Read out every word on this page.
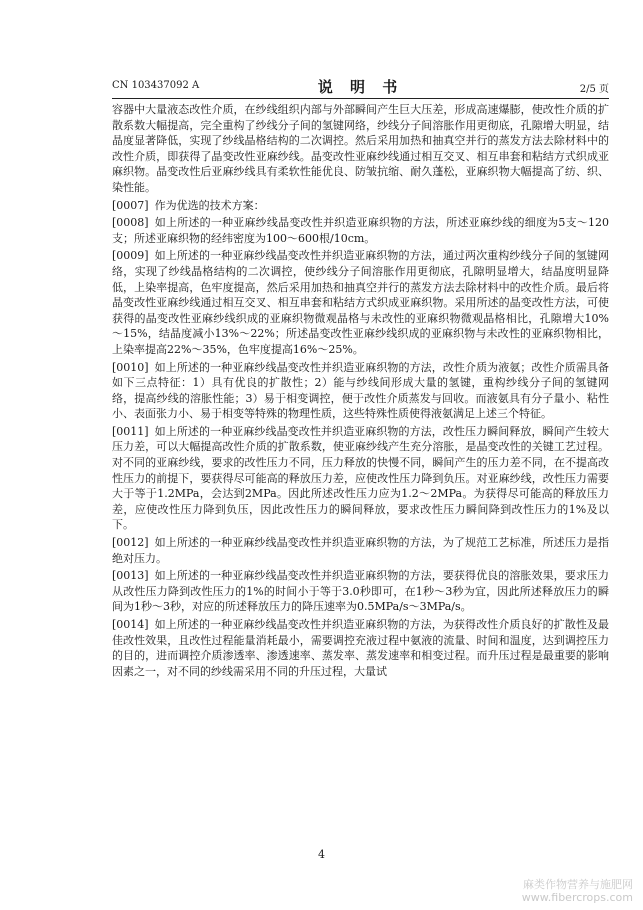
CN 103437092 A	说 明 书	2/5 页

容器中大量液态改性介质，在纱线组织内部与外部瞬间产生巨大压差，形成高速爆膨，使改性介质的扩散系数大幅提高，完全重构了纱线分子间的氢键网络，纱线分子间溶胀作用更彻底，孔隙增大明显，结晶度显著降低，实现了纱线晶格结构的二次调控。然后采用加热和抽真空并行的蒸发方法去除材料中的改性介质，即获得了晶变改性亚麻纱线。晶变改性亚麻纱线通过相互交叉、相互串套和粘结方式织成亚麻织物。晶变改性后亚麻纱线具有柔软性能优良、防皱抗缩、耐久蓬松，亚麻织物大幅提高了纺、织、染性能。

[0007] 作为优选的技术方案：

[0008] 如上所述的一种亚麻纱线晶变改性并织造亚麻织物的方法，所述亚麻纱线的细度为5支～120支；所述亚麻织物的经纬密度为100～600根/10cm。

[0009] 如上所述的一种亚麻纱线晶变改性并织造亚麻织物的方法，通过两次重构纱线分子间的氢键网络，实现了纱线晶格结构的二次调控，使纱线分子间溶胀作用更彻底，孔隙明显增大，结晶度明显降低，上染率提高，色牢度提高，然后采用加热和抽真空并行的蒸发方法去除材料中的改性介质。最后将晶变改性亚麻纱线通过相互交叉、相互串套和粘结方式织成亚麻织物。采用所述的晶变改性方法，可使获得的晶变改性亚麻纱线织成的亚麻织物微观晶格与未改性的亚麻织物微观晶格相比，孔隙增大10%～15%，结晶度减小13%～22%；所述晶变改性亚麻纱线织成的亚麻织物与未改性的亚麻织物相比，上染率提高22%～35%，色牢度提高16%～25%。

[0010] 如上所述的一种亚麻纱线晶变改性并织造亚麻织物的方法，改性介质为液氨；改性介质需具备如下三点特征：1）具有优良的扩散性；2）能与纱线间形成大量的氢键，重构纱线分子间的氢键网络，提高纱线的溶胀性能；3）易于相变调控，便于改性介质蒸发与回收。而液氨具有分子量小、粘性小、表面张力小、易于相变等特殊的物理性质，这些特殊性质使得液氨满足上述三个特征。

[0011] 如上所述的一种亚麻纱线晶变改性并织造亚麻织物的方法，改性压力瞬间释放，瞬间产生较大压力差，可以大幅提高改性介质的扩散系数，使亚麻纱线产生充分溶胀，是晶变改性的关键工艺过程。对不同的亚麻纱线，要求的改性压力不同，压力释放的快慢不同，瞬间产生的压力差不同，在不提高改性压力的前提下，要获得尽可能高的释放压力差，应使改性压力降到负压。对亚麻纱线，改性压力需要大于等于1.2MPa，会达到2MPa。因此所述改性压力应为1.2～2MPa。为获得尽可能高的释放压力差，应使改性压力降到负压，因此改性压力的瞬间释放，要求改性压力瞬间降到改性压力的1%及以下。

[0012] 如上所述的一种亚麻纱线晶变改性并织造亚麻织物的方法，为了规范工艺标准，所述压力是指绝对压力。

[0013] 如上所述的一种亚麻纱线晶变改性并织造亚麻织物的方法，要获得优良的溶胀效果，要求压力从改性压力降到改性压力的1%的时间小于等于3.0秒即可，在1秒～3秒为宜，因此所述释放压力的瞬间为1秒～3秒，对应的所述释放压力的降压速率为0.5MPa/s～3MPa/s。

[0014] 如上所述的一种亚麻纱线晶变改性并织造亚麻织物的方法，为获得改性介质良好的扩散性及最佳改性效果，且改性过程能量消耗最小，需要调控充液过程中氨液的流量、时间和温度，达到调控压力的目的，进而调控介质渗透率、渗透速率、蒸发率、蒸发速率和相变过程。而升压过程是最重要的影响因素之一，对不同的纱线需采用不同的升压过程，大量试

4
麻类作物营养与施肥网
www.fibercrops.com
